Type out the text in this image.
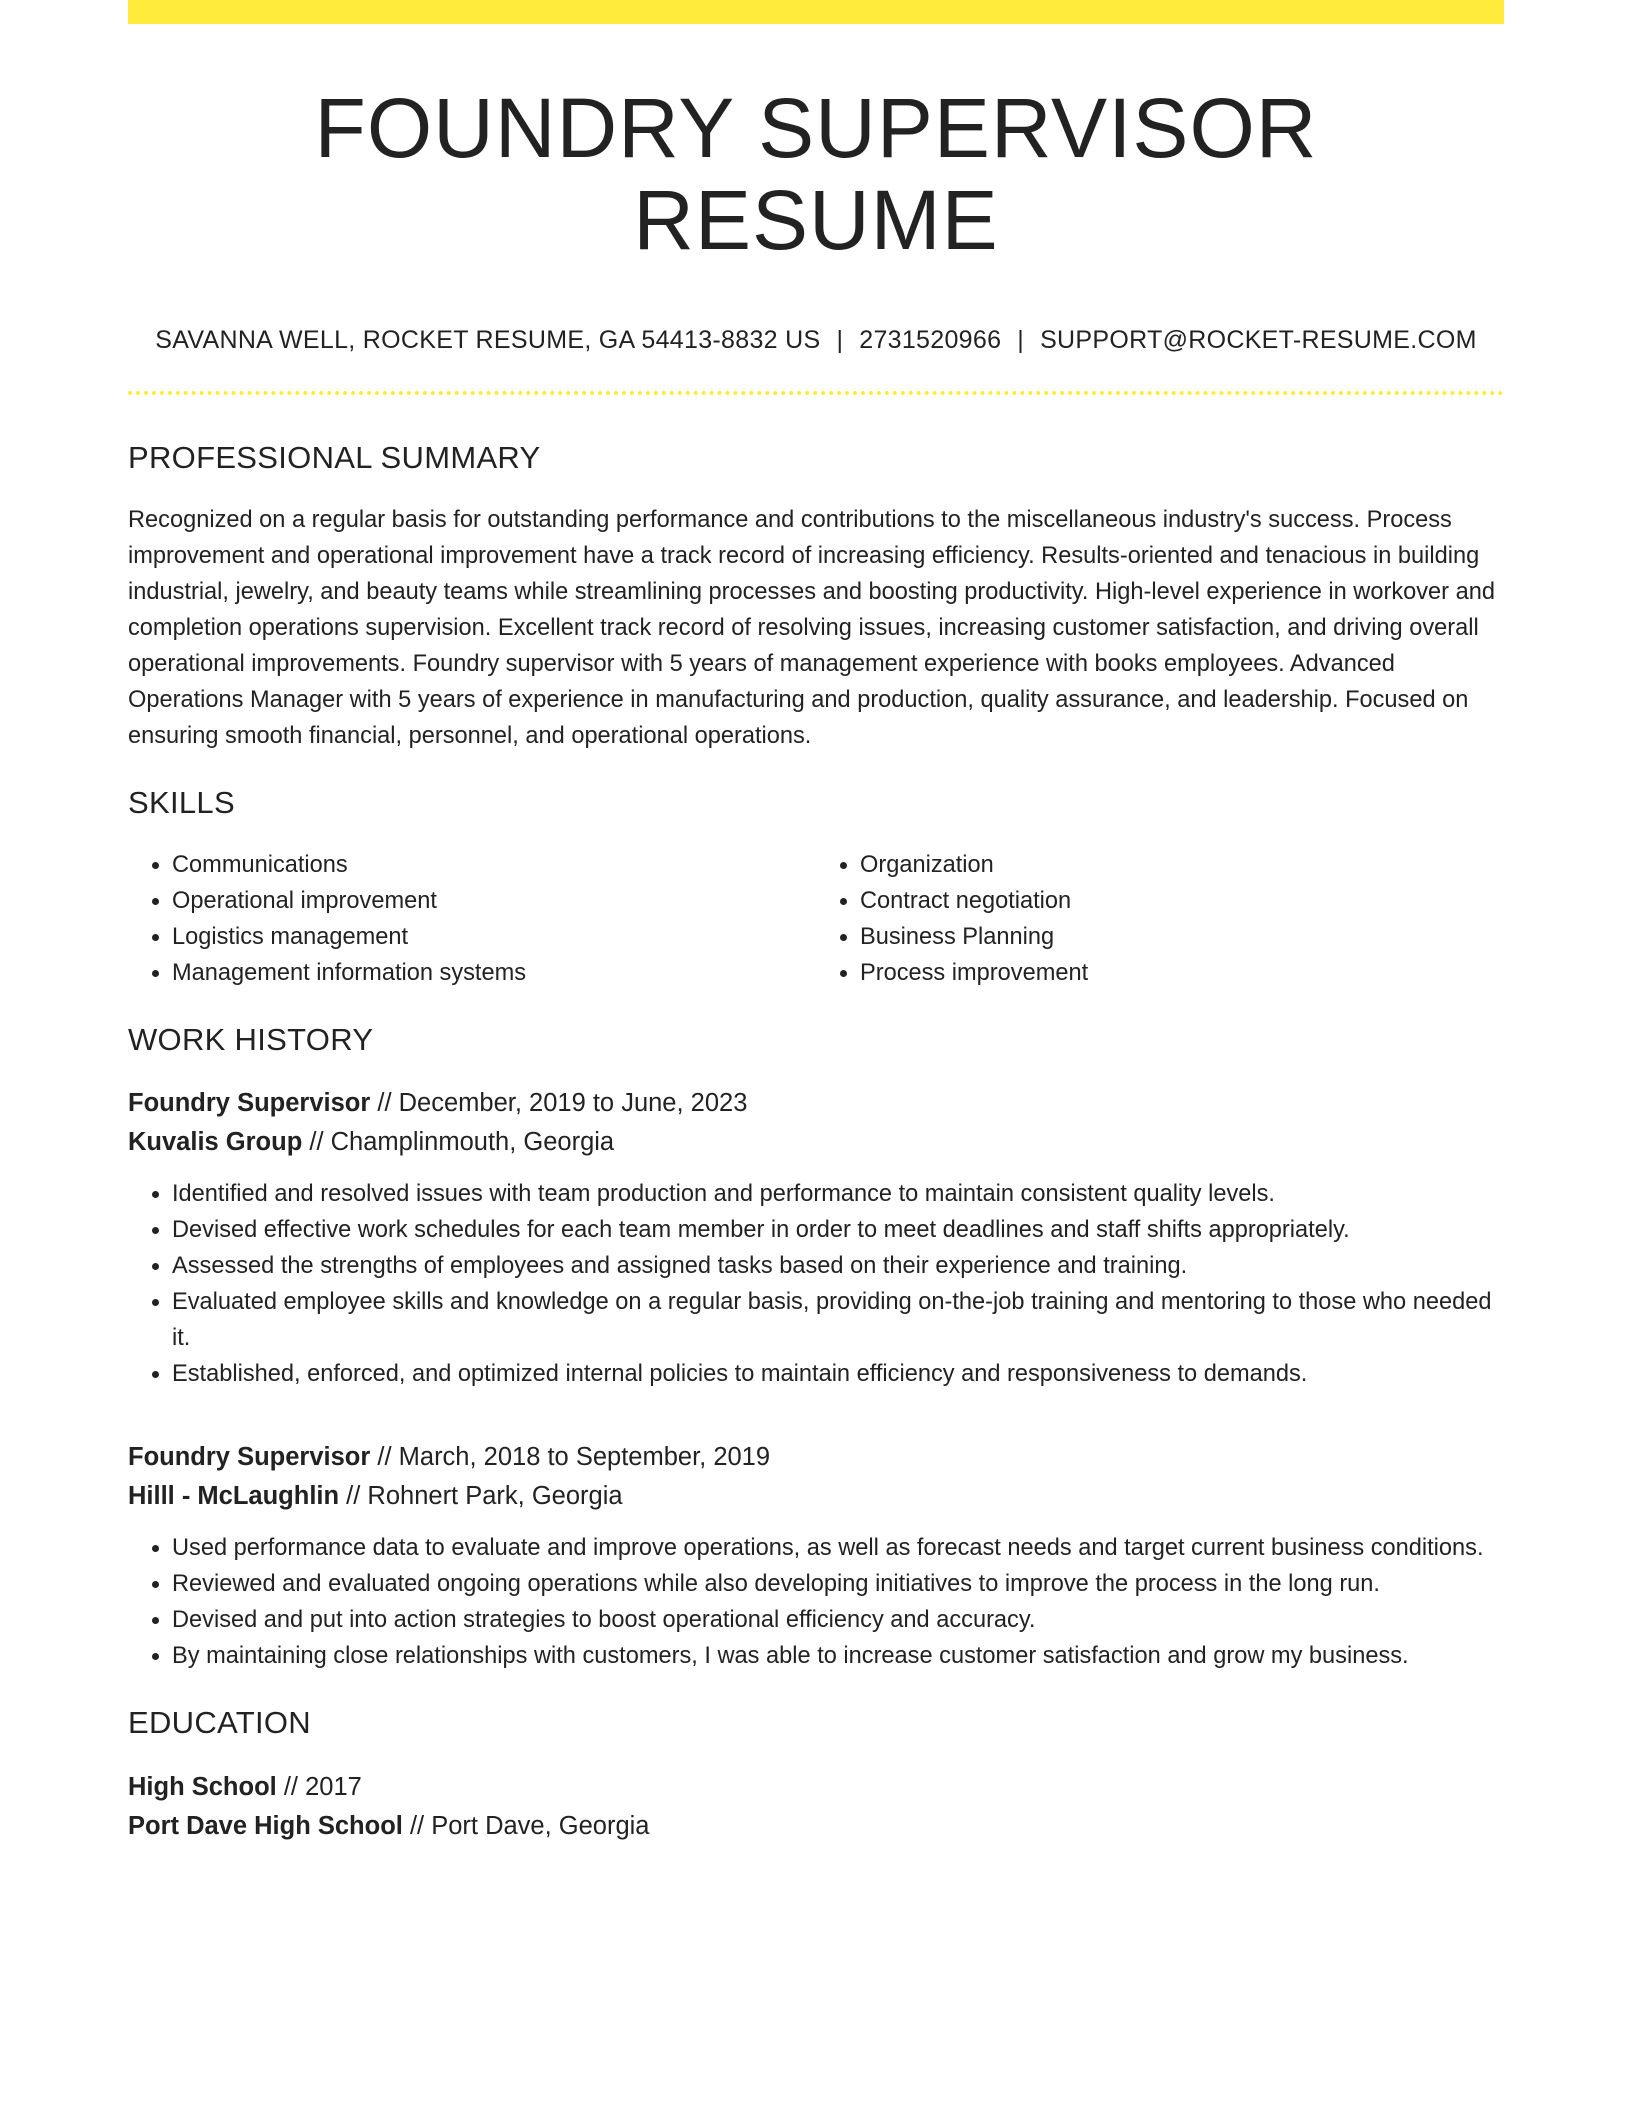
FOUNDRY SUPERVISOR RESUME
SAVANNA WELL, ROCKET RESUME, GA 54413-8832 US | 2731520966 | SUPPORT@ROCKET-RESUME.COM
PROFESSIONAL SUMMARY

Recognized on a regular basis for outstanding performance and contributions to the miscellaneous industry's success. Process improvement and operational improvement have a track record of increasing efficiency. Results-oriented and tenacious in building industrial, jewelry, and beauty teams while streamlining processes and boosting productivity. High-level experience in workover and completion operations supervision. Excellent track record of resolving issues, increasing customer satisfaction, and driving overall operational improvements. Foundry supervisor with 5 years of management experience with books employees. Advanced Operations Manager with 5 years of experience in manufacturing and production, quality assurance, and leadership. Focused on ensuring smooth financial, personnel, and operational operations.

SKILLS
• Communications
• Operational improvement
• Logistics management
• Management information systems
• Organization
• Contract negotiation
• Business Planning
• Process improvement
WORK HISTORY
Foundry Supervisor // December, 2019 to June, 2023
Kuvalis Group // Champlinmouth, Georgia
• Identified and resolved issues with team production and performance to maintain consistent quality levels.
• Devised effective work schedules for each team member in order to meet deadlines and staff shifts appropriately.
• Assessed the strengths of employees and assigned tasks based on their experience and training.
• Evaluated employee skills and knowledge on a regular basis, providing on-the-job training and mentoring to those who needed it.
• Established, enforced, and optimized internal policies to maintain efficiency and responsiveness to demands.
Foundry Supervisor // March, 2018 to September, 2019
Hilll - McLaughlin // Rohnert Park, Georgia
• Used performance data to evaluate and improve operations, as well as forecast needs and target current business conditions.
• Reviewed and evaluated ongoing operations while also developing initiatives to improve the process in the long run.
• Devised and put into action strategies to boost operational efficiency and accuracy.
• By maintaining close relationships with customers, I was able to increase customer satisfaction and grow my business.
EDUCATION
High School // 2017
Port Dave High School // Port Dave, Georgia
